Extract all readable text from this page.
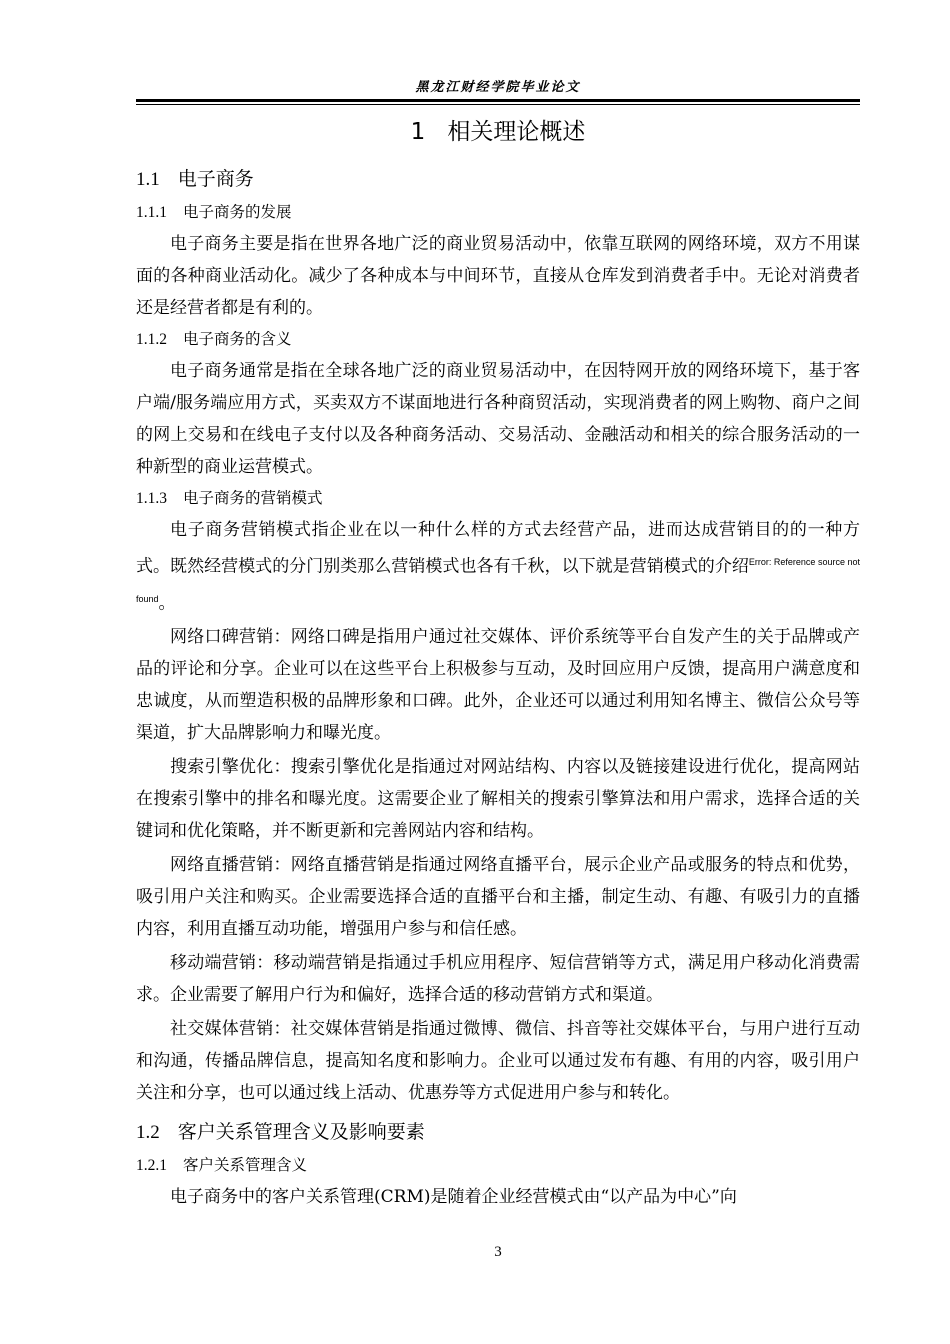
黑龙江财经学院毕业论文
1 相关理论概述
1.1 电子商务
1.1.1 电子商务的发展

电子商务主要是指在世界各地广泛的商业贸易活动中，依靠互联网的网络环境，双方不用谋面的各种商业活动化。减少了各种成本与中间环节，直接从仓库发到消费者手中。无论对消费者还是经营者都是有利的。

1.1.2 电子商务的含义

电子商务通常是指在全球各地广泛的商业贸易活动中，在因特网开放的网络环境下，基于客户端/服务端应用方式，买卖双方不谋面地进行各种商贸活动，实现消费者的网上购物、商户之间的网上交易和在线电子支付以及各种商务活动、交易活动、金融活动和相关的综合服务活动的一种新型的商业运营模式。

1.1.3 电子商务的营销模式

电子商务营销模式指企业在以一种什么样的方式去经营产品，进而达成营销目的的一种方式。既然经营模式的分门别类那么营销模式也各有千秋，以下就是营销模式的介绍$^{Error: Reference source not found}$。

网络口碑营销：网络口碑是指用户通过社交媒体、评价系统等平台自发产生的关于品牌或产品的评论和分享。企业可以在这些平台上积极参与互动，及时回应用户反馈，提高用户满意度和忠诚度，从而塑造积极的品牌形象和口碑。此外，企业还可以通过利用知名博主、微信公众号等渠道，扩大品牌影响力和曝光度。

搜索引擎优化：搜索引擎优化是指通过对网站结构、内容以及链接建设进行优化，提高网站在搜索引擎中的排名和曝光度。这需要企业了解相关的搜索引擎算法和用户需求，选择合适的关键词和优化策略，并不断更新和完善网站内容和结构。

网络直播营销：网络直播营销是指通过网络直播平台，展示企业产品或服务的特点和优势，吸引用户关注和购买。企业需要选择合适的直播平台和主播，制定生动、有趣、有吸引力的直播内容，利用直播互动功能，增强用户参与和信任感。

移动端营销：移动端营销是指通过手机应用程序、短信营销等方式，满足用户移动化消费需求。企业需要了解用户行为和偏好，选择合适的移动营销方式和渠道。

社交媒体营销：社交媒体营销是指通过微博、微信、抖音等社交媒体平台，与用户进行互动和沟通，传播品牌信息，提高知名度和影响力。企业可以通过发布有趣、有用的内容，吸引用户关注和分享，也可以通过线上活动、优惠券等方式促进用户参与和转化。

1.2 客户关系管理含义及影响要素
1.2.1 客户关系管理含义

电子商务中的客户关系管理(CRM)是随着企业经营模式由“以产品为中心”向

3
